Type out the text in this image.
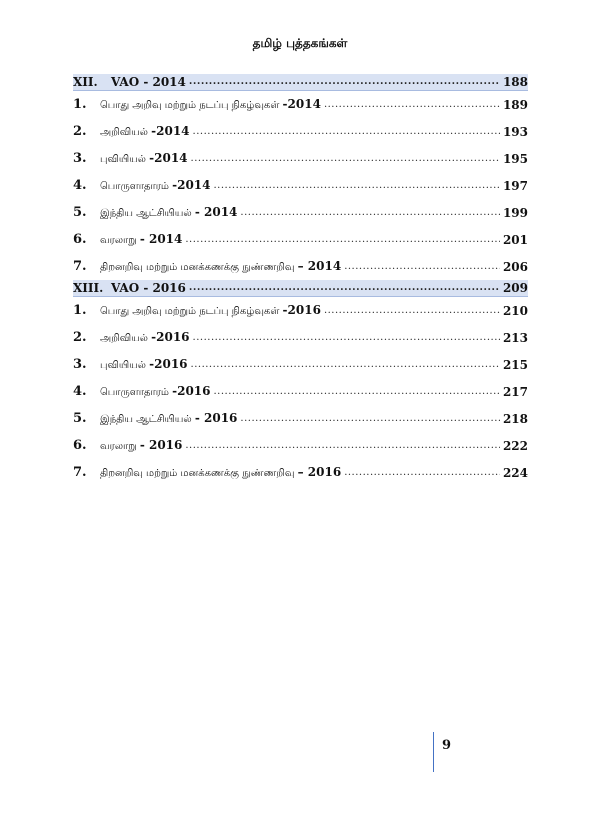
தமிழ் புத்தகங்கள்
XII.	VAO - 2014 .....	188
1.	பொது அறிவு மற்றும் நடப்பு நிகழ்வுகள் -2014 .....	189
2.	அறிவியல் -2014 .....	193
3.	புவியியல் -2014 .....	195
4.	பொருளாதாரம் -2014 .....	197
5.	இந்திய ஆட்சியியல் - 2014 .....	199
6.	வரலாறு - 2014 .....	201
7.	திறனறிவு மற்றும் மனக்கணக்கு நுண்ணறிவு – 2014 .....	206
XIII. VAO - 2016 .....	209
1.	பொது அறிவு மற்றும் நடப்பு நிகழ்வுகள் -2016 .....	210
2.	அறிவியல் -2016 .....	213
3.	புவியியல் -2016 .....	215
4.	பொருளாதாரம் -2016 .....	217
5.	இந்திய ஆட்சியியல் - 2016 .....	218
6.	வரலாறு - 2016 .....	222
7.	திறனறிவு மற்றும் மனக்கணக்கு நுண்ணறிவு – 2016 .....	224
9
